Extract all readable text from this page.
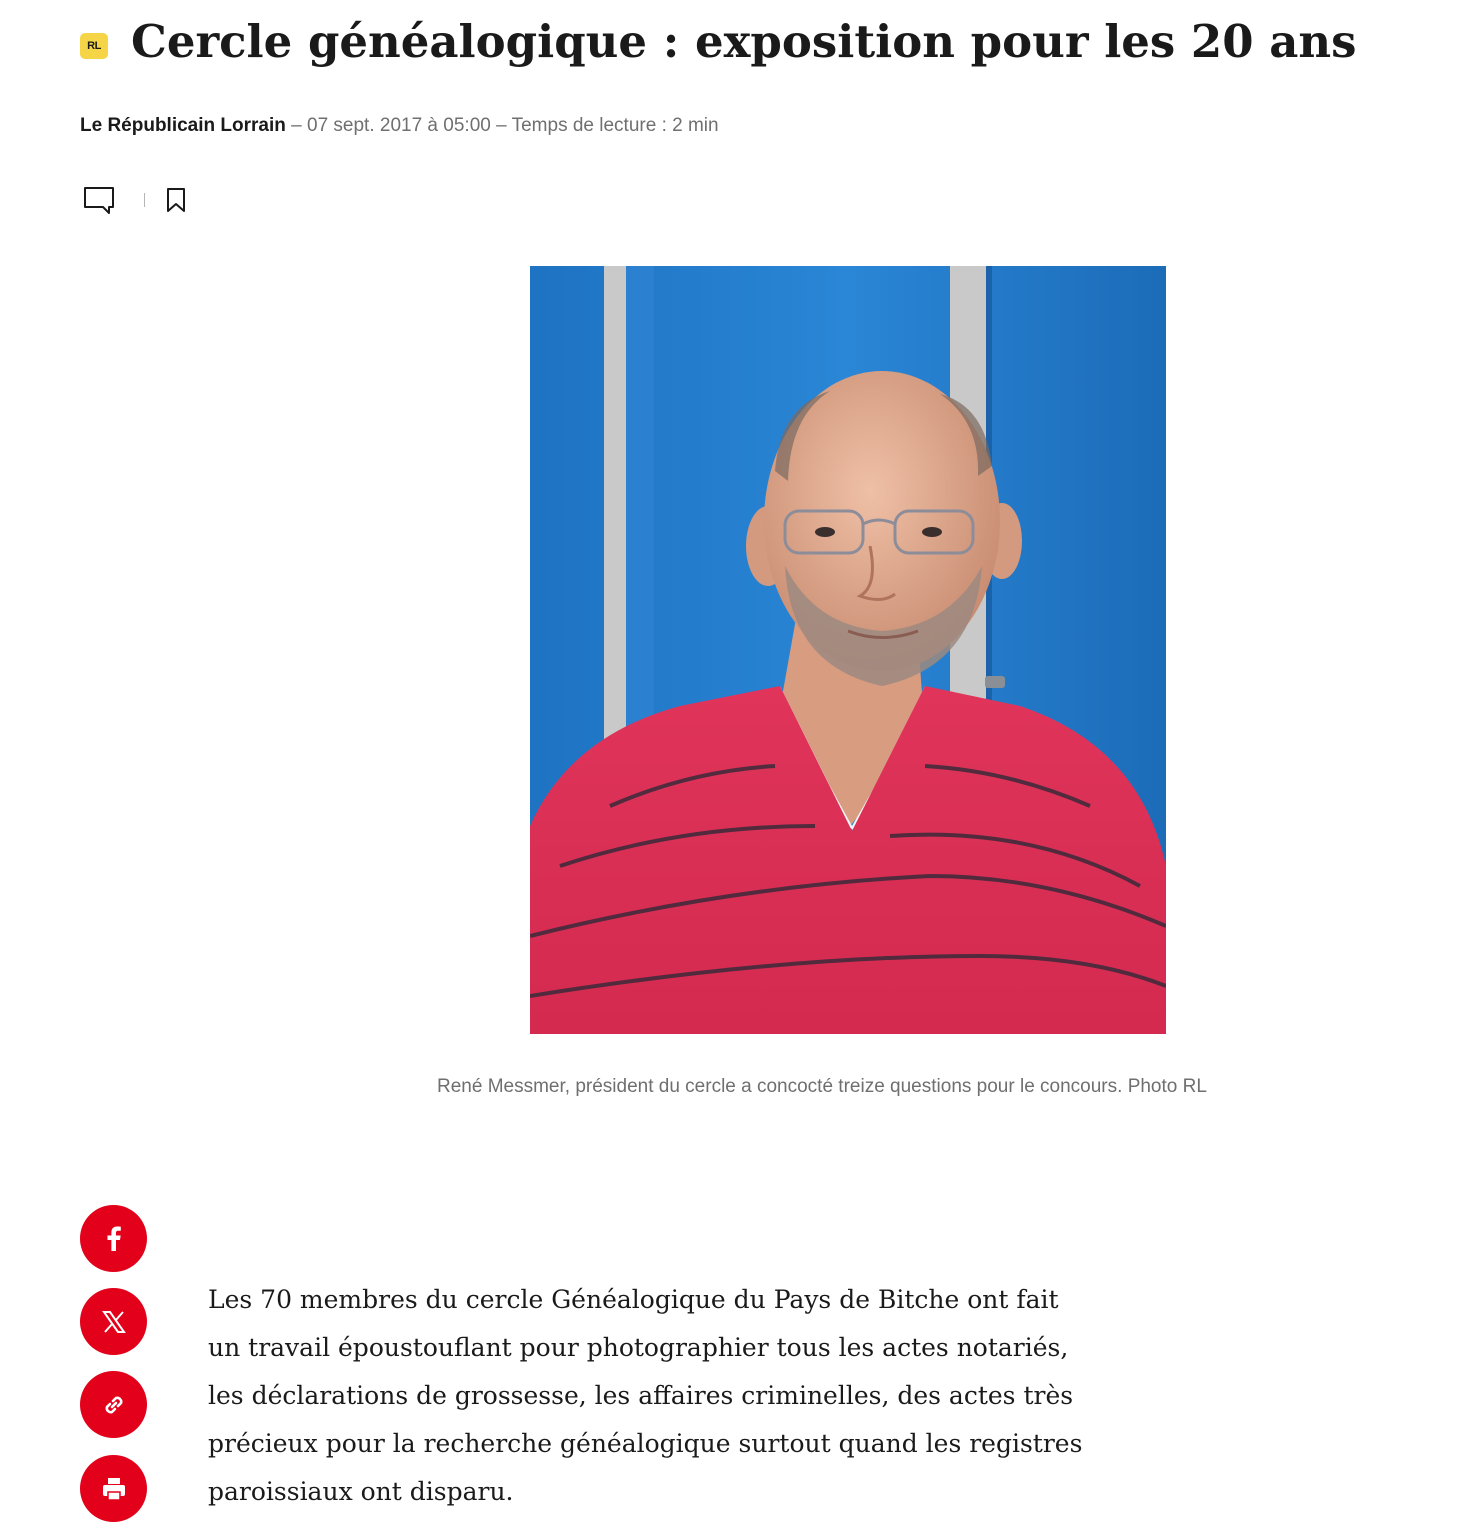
RL Cercle généalogique : exposition pour les 20 ans
Le Républicain Lorrain – 07 sept. 2017 à 05:00 – Temps de lecture : 2 min
René Messmer, président du cercle a concocté treize questions pour le concours. Photo RL

Les 70 membres du cercle Généalogique du Pays de Bitche ont fait un travail époustouflant pour photographier tous les actes notariés, les déclarations de grossesse, les affaires criminelles, des actes très précieux pour la recherche généalogique surtout quand les registres paroissiaux ont disparu.
